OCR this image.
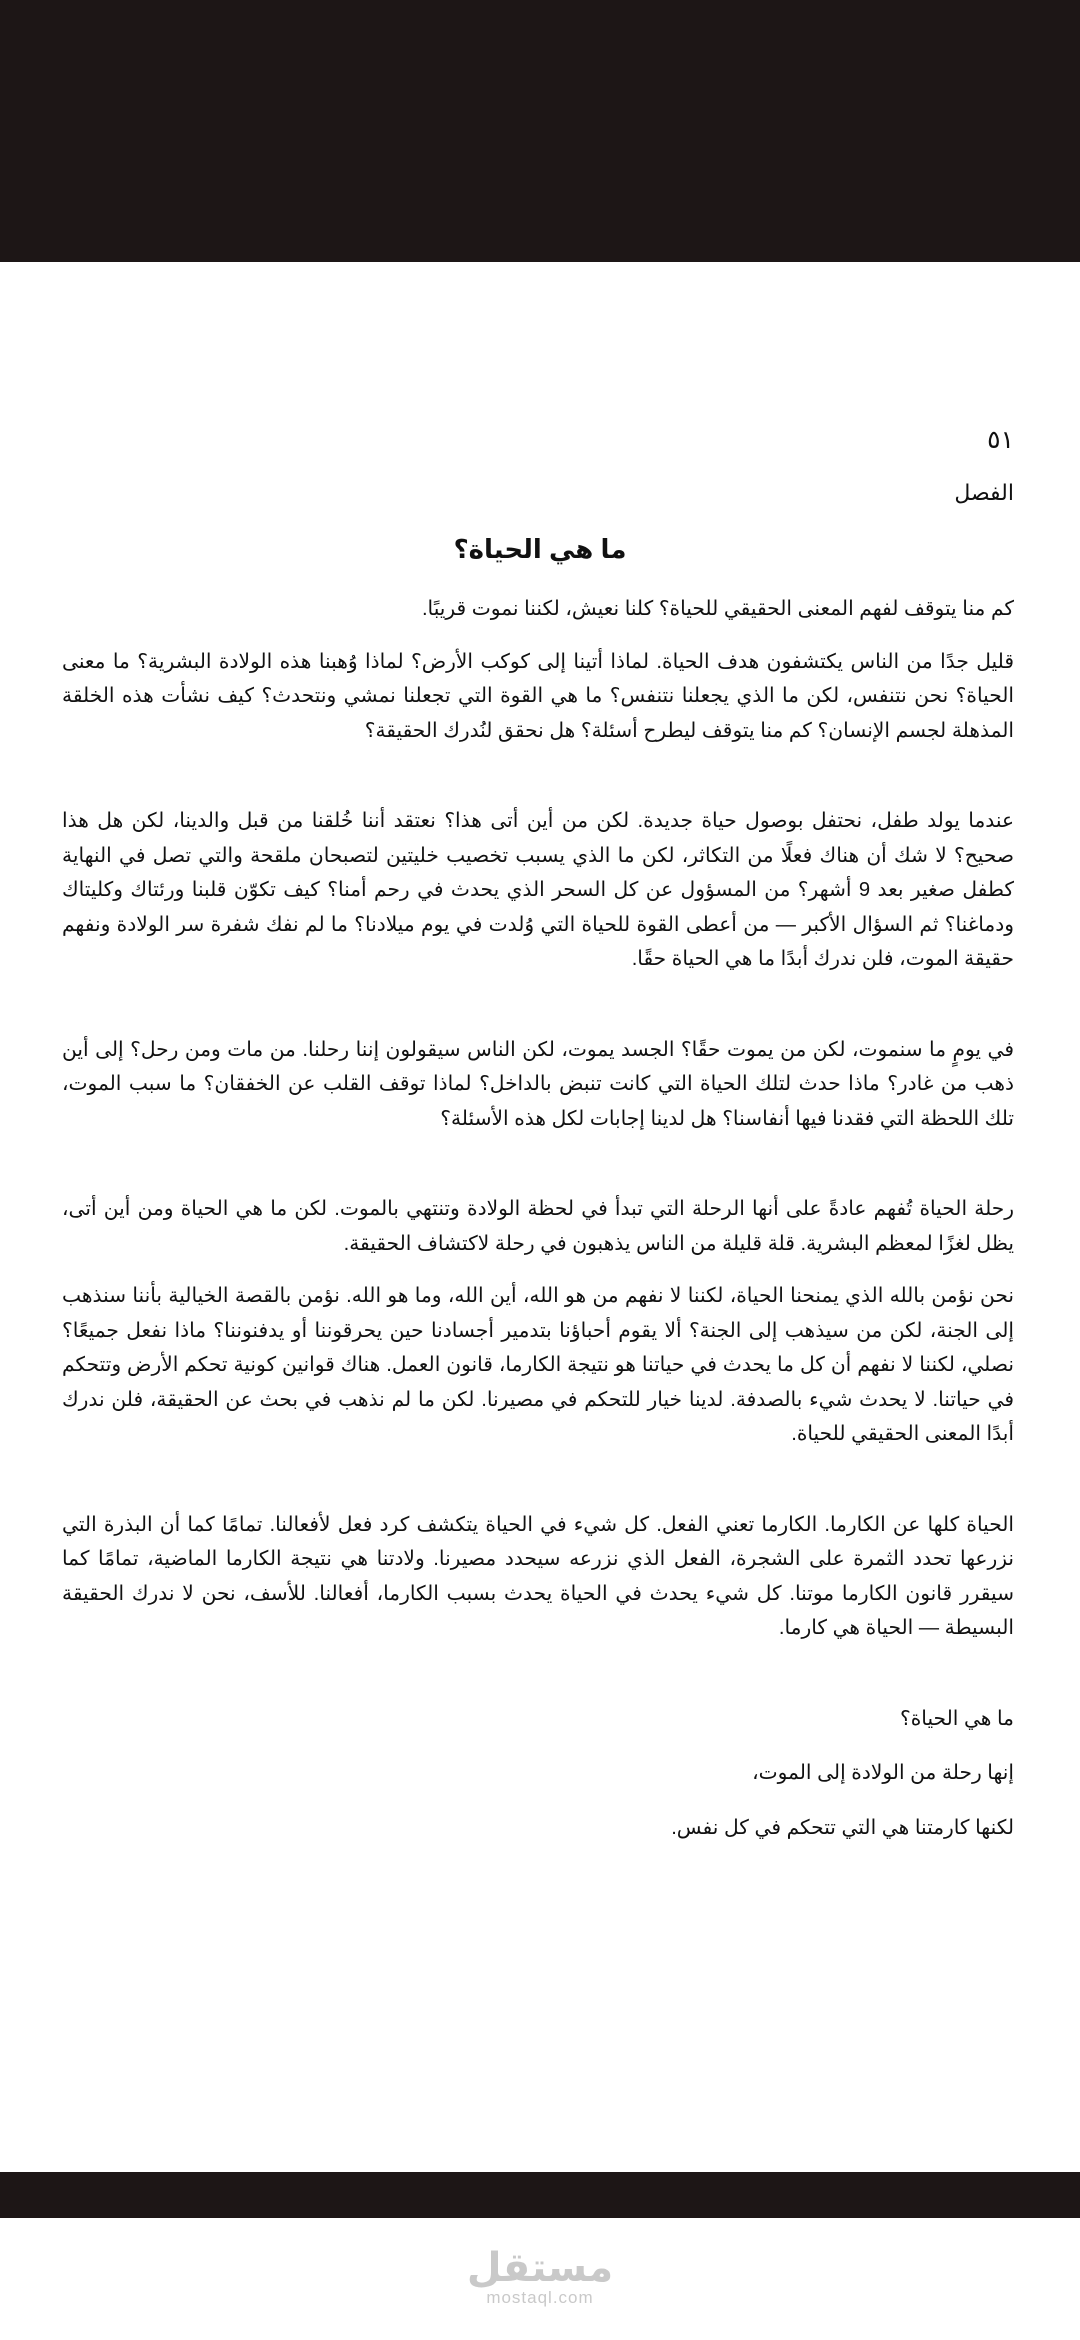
٥١
الفصل
ما هي الحياة؟

كم منا يتوقف لفهم المعنى الحقيقي للحياة؟ كلنا نعيش، لكننا نموت قريبًا.

قليل جدًا من الناس يكتشفون هدف الحياة. لماذا أتينا إلى كوكب الأرض؟ لماذا وُهبنا هذه الولادة البشرية؟ ما معنى الحياة؟ نحن نتنفس، لكن ما الذي يجعلنا نتنفس؟ ما هي القوة التي تجعلنا نمشي ونتحدث؟ كيف نشأت هذه الخلقة المذهلة لجسم الإنسان؟ كم منا يتوقف ليطرح أسئلة؟ هل نحقق لنُدرك الحقيقة؟

عندما يولد طفل، نحتفل بوصول حياة جديدة. لكن من أين أتى هذا؟ نعتقد أننا خُلقنا من قبل والدينا، لكن هل هذا صحيح؟ لا شك أن هناك فعلًا من التكاثر، لكن ما الذي يسبب تخصيب خليتين لتصبحان ملقحة والتي تصل في النهاية كطفل صغير بعد 9 أشهر؟ من المسؤول عن كل السحر الذي يحدث في رحم أمنا؟ كيف تكوّن قلبنا ورئتاك وكليتاك ودماغنا؟ ثم السؤال الأكبر — من أعطى القوة للحياة التي وُلدت في يوم ميلادنا؟ ما لم نفك شفرة سر الولادة ونفهم حقيقة الموت، فلن ندرك أبدًا ما هي الحياة حقًا.

في يومٍ ما سنموت، لكن من يموت حقًا؟ الجسد يموت، لكن الناس سيقولون إننا رحلنا. من مات ومن رحل؟ إلى أين ذهب من غادر؟ ماذا حدث لتلك الحياة التي كانت تنبض بالداخل؟ لماذا توقف القلب عن الخفقان؟ ما سبب الموت، تلك اللحظة التي فقدنا فيها أنفاسنا؟ هل لدينا إجابات لكل هذه الأسئلة؟

رحلة الحياة تُفهم عادةً على أنها الرحلة التي تبدأ في لحظة الولادة وتنتهي بالموت. لكن ما هي الحياة ومن أين أتى، يظل لغزًا لمعظم البشرية. قلة قليلة من الناس يذهبون في رحلة لاكتشاف الحقيقة.

نحن نؤمن بالله الذي يمنحنا الحياة، لكننا لا نفهم من هو الله، أين الله، وما هو الله. نؤمن بالقصة الخيالية بأننا سنذهب إلى الجنة، لكن من سيذهب إلى الجنة؟ ألا يقوم أحباؤنا بتدمير أجسادنا حين يحرقوننا أو يدفنوننا؟ ماذا نفعل جميعًا؟ نصلي، لكننا لا نفهم أن كل ما يحدث في حياتنا هو نتيجة الكارما، قانون العمل. هناك قوانين كونية تحكم الأرض وتتحكم في حياتنا. لا يحدث شيء بالصدفة. لدينا خيار للتحكم في مصيرنا. لكن ما لم نذهب في بحث عن الحقيقة، فلن ندرك أبدًا المعنى الحقيقي للحياة.

الحياة كلها عن الكارما. الكارما تعني الفعل. كل شيء في الحياة يتكشف كرد فعل لأفعالنا. تمامًا كما أن البذرة التي نزرعها تحدد الثمرة على الشجرة، الفعل الذي نزرعه سيحدد مصيرنا. ولادتنا هي نتيجة الكارما الماضية، تمامًا كما سيقرر قانون الكارما موتنا. كل شيء يحدث في الحياة يحدث بسبب الكارما، أفعالنا. للأسف، نحن لا ندرك الحقيقة البسيطة — الحياة هي كارما.

ما هي الحياة؟

إنها رحلة من الولادة إلى الموت،

لكنها كارمتنا هي التي تتحكم في كل نفس.

مستقل
mostaql.com
